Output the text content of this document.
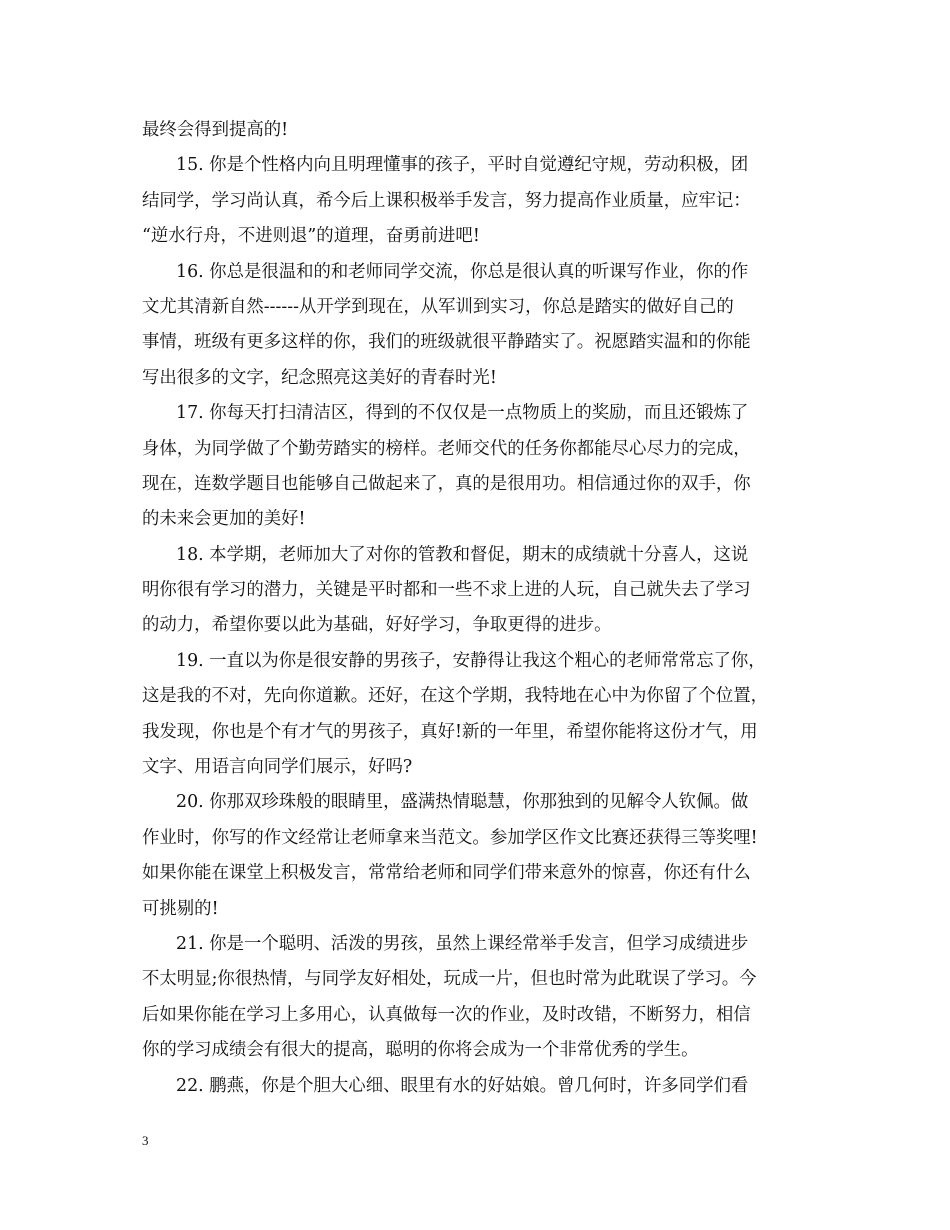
最终会得到提高的!
15. 你是个性格内向且明理懂事的孩子，平时自觉遵纪守规，劳动积极，团
结同学，学习尚认真，希今后上课积极举手发言，努力提高作业质量，应牢记：
“逆水行舟，不进则退”的道理，奋勇前进吧!
16. 你总是很温和的和老师同学交流，你总是很认真的听课写作业，你的作
文尤其清新自然------从开学到现在，从军训到实习，你总是踏实的做好自己的
事情，班级有更多这样的你，我们的班级就很平静踏实了。祝愿踏实温和的你能
写出很多的文字，纪念照亮这美好的青春时光!
17. 你每天打扫清洁区，得到的不仅仅是一点物质上的奖励，而且还锻炼了
身体，为同学做了个勤劳踏实的榜样。老师交代的任务你都能尽心尽力的完成，
现在，连数学题目也能够自己做起来了，真的是很用功。相信通过你的双手，你
的未来会更加的美好!
18. 本学期，老师加大了对你的管教和督促，期末的成绩就十分喜人，这说
明你很有学习的潜力，关键是平时都和一些不求上进的人玩，自己就失去了学习
的动力，希望你要以此为基础，好好学习，争取更得的进步。
19. 一直以为你是很安静的男孩子，安静得让我这个粗心的老师常常忘了你，
这是我的不对，先向你道歉。还好，在这个学期，我特地在心中为你留了个位置，
我发现，你也是个有才气的男孩子，真好!新的一年里，希望你能将这份才气，用
文字、用语言向同学们展示，好吗?
20. 你那双珍珠般的眼睛里，盛满热情聪慧，你那独到的见解令人钦佩。做
作业时，你写的作文经常让老师拿来当范文。参加学区作文比赛还获得三等奖哩!
如果你能在课堂上积极发言，常常给老师和同学们带来意外的惊喜，你还有什么
可挑剔的!
21. 你是一个聪明、活泼的男孩，虽然上课经常举手发言，但学习成绩进步
不太明显;你很热情，与同学友好相处，玩成一片，但也时常为此耽误了学习。今
后如果你能在学习上多用心，认真做每一次的作业，及时改错，不断努力，相信
你的学习成绩会有很大的提高，聪明的你将会成为一个非常优秀的学生。
22. 鹏燕，你是个胆大心细、眼里有水的好姑娘。曾几何时，许多同学们看
3
